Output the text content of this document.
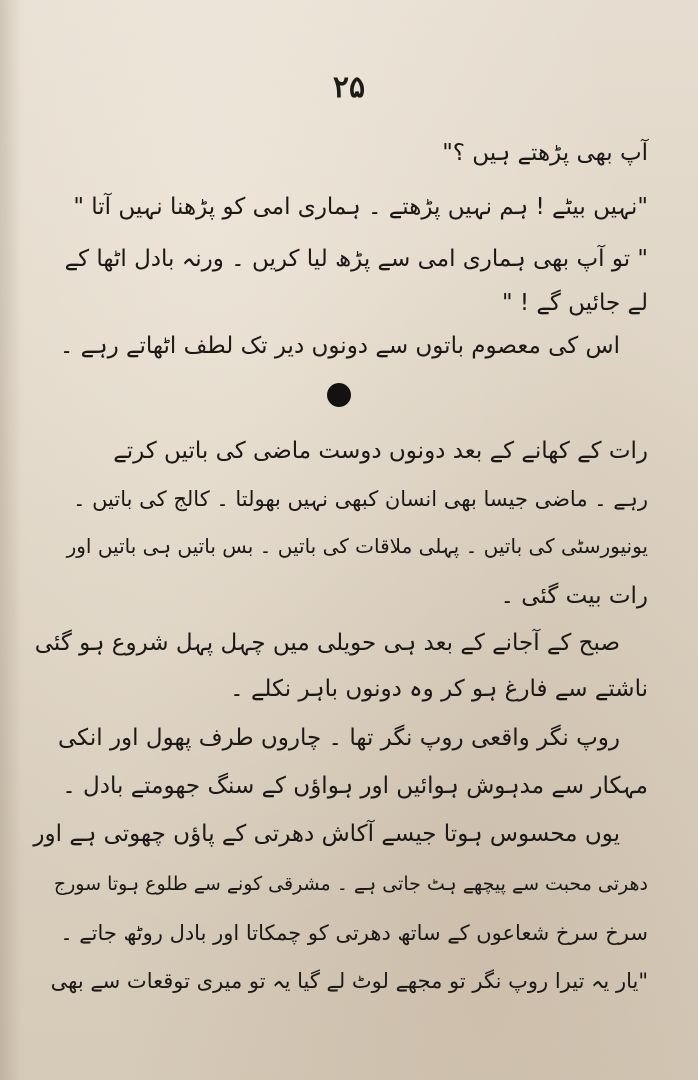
۲۵
آپ بھی پڑھتے ہیں ؟"
"نہیں بیٹے ! ہم نہیں پڑھتے ۔ ہماری امی کو پڑھنا نہیں آتا "
" تو آپ بھی ہماری امی سے پڑھ لیا کریں ۔ ورنہ بادل اٹھا کے
لے جائیں گے ! "
اس کی معصوم باتوں سے دونوں دیر تک لطف اٹھاتے رہے ۔
رات کے کھانے کے بعد دونوں دوست ماضی کی باتیں کرتے
رہے ۔ ماضی جیسا بھی انسان کبھی نہیں بھولتا ۔ کالج کی باتیں ۔
یونیورسٹی کی باتیں ۔ پہلی ملاقات کی باتیں ۔ بس باتیں ہی باتیں اور
رات بیت گئی ۔
صبح کے آجانے کے بعد ہی حویلی میں چہل پہل شروع ہو گئی
ناشتے سے فارغ ہو کر وہ دونوں باہر نکلے ۔
روپ نگر واقعی روپ نگر تھا ۔ چاروں طرف پھول اور انکی
مہکار سے مدہوش ہوائیں اور ہواؤں کے سنگ جھومتے بادل ۔
یوں محسوس ہوتا جیسے آکاش دھرتی کے پاؤں چھوتی ہے اور
دھرتی محبت سے پیچھے ہٹ جاتی ہے ۔ مشرقی کونے سے طلوع ہوتا سورج
سرخ سرخ شعاعوں کے ساتھ دھرتی کو چمکاتا اور بادل روٹھ جاتے ۔
"یار یہ تیرا روپ نگر تو مجھے لوٹ لے گیا یہ تو میری توقعات سے بھی
